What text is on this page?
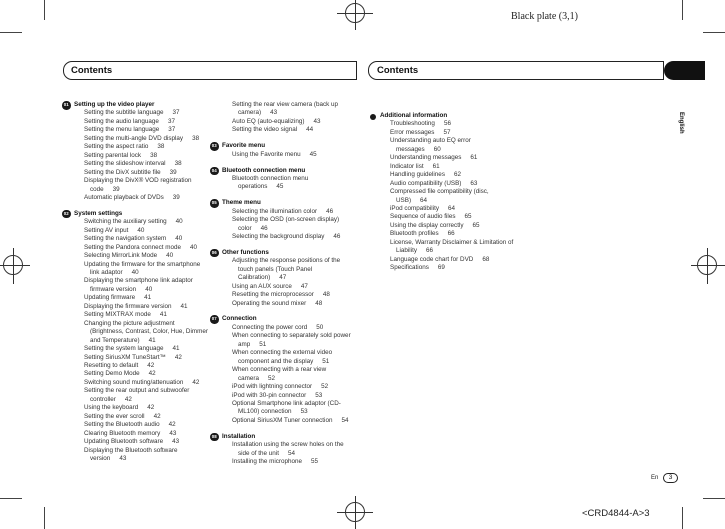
Black plate (3,1)
Contents	Contents
English
Setting up the video player
01
Setting the subtitle language 37
Setting the audio language 37
Setting the menu language 37
Setting the multi-angle DVD display 38
Setting the aspect ratio 38
Setting parental lock 38
Setting the slideshow interval 38
Setting the DivX subtitle file 39
Displaying the DivX® VOD registration
code 39
Automatic playback of DVDs 39
System settings
02
Switching the auxiliary setting 40
Setting AV input 40
Setting the navigation system 40
Setting the Pandora connect mode 40
Selecting MirrorLink Mode 40
Updating the firmware for the smartphone
link adaptor 40
Displaying the smartphone link adaptor
firmware version 40
Updating firmware 41
Displaying the firmware version 41
Setting MIXTRAX mode 41
Changing the picture adjustment
(Brightness, Contrast, Color, Hue, Dimmer
and Temperature) 41
Setting the system language 41
Setting SiriusXM TuneStart™ 42
Resetting to default 42
Setting Demo Mode 42
Switching sound muting/attenuation 42
Setting the rear output and subwoofer
controller 42
Using the keyboard 42
Setting the ever scroll 42
Setting the Bluetooth audio 42
Clearing Bluetooth memory 43
Updating Bluetooth software 43
Displaying the Bluetooth software
version 43
Setting the rear view camera (back up
camera) 43
Auto EQ (auto-equalizing) 43
Setting the video signal 44
Favorite menu
03
Using the Favorite menu 45
Bluetooth connection menu
04
Bluetooth connection menu
operations 45
Theme menu
05
Selecting the illumination color 46
Selecting the OSD (on-screen display)
color 46
Selecting the background display 46
Other functions
06
Adjusting the response positions of the
touch panels (Touch Panel
Calibration) 47
Using an AUX source 47
Resetting the microprocessor 48
Operating the sound mixer 48
Connection
07
Connecting the power cord 50
When connecting to separately sold power
amp 51
When connecting the external video
component and the display 51
When connecting with a rear view
camera 52
iPod with lightning connector 52
iPod with 30-pin connector 53
Optional Smartphone link adaptor (CD-
ML100) connection 53
Optional SiriusXM Tuner connection 54
Installation
08
Installation using the screw holes on the
side of the unit 54
Installing the microphone 55
Additional information
Troubleshooting 56
Error messages 57
Understanding auto EQ error
messages 60
Understanding messages 61
Indicator list 61
Handling guidelines 62
Audio compatibility (USB) 63
Compressed file compatibility (disc,
USB) 64
iPod compatibility 64
Sequence of audio files 65
Using the display correctly 65
Bluetooth profiles 66
License, Warranty Disclaimer & Limitation of
Liability 66
Language code chart for DVD 68
Specifications 69
En	3
<CRD4844-A>3
